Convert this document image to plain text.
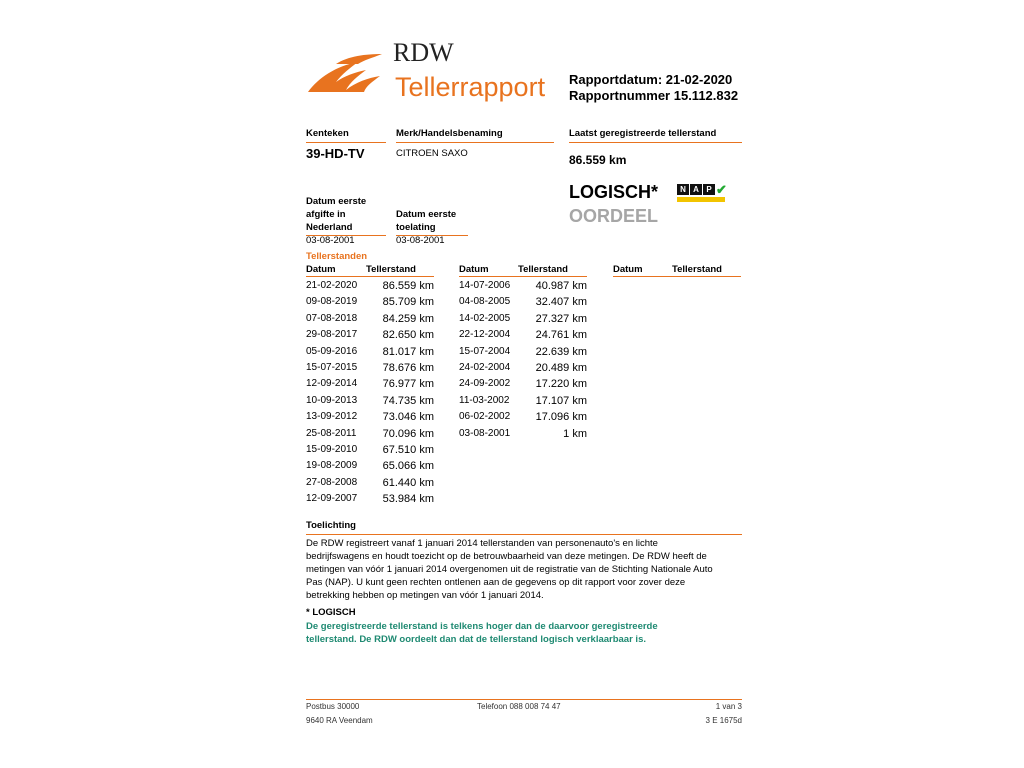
RDW
Tellerrapport Rapportdatum: 21-02-2020
Rapportnummer 15.112.832
Kenteken	Merk/Handelsbenaming	Laatst geregistreerde tellerstand
39-HD-TV	CITROEN SAXO	86.559 km
LOGISCH*	N A P ✔
OORDEEL
Datum eerste
afgifte in
Nederland
Datum eerste
toelating
03-08-2001	03-08-2001
Tellerstanden
Datum	Tellerstand	Datum	Tellerstand	Datum	Tellerstand
21-02-2020	86.559 km
09-08-2019	85.709 km
07-08-2018	84.259 km
29-08-2017	82.650 km
05-09-2016	81.017 km
15-07-2015	78.676 km
12-09-2014	76.977 km
10-09-2013	74.735 km
13-09-2012	73.046 km
25-08-2011	70.096 km
15-09-2010	67.510 km
19-08-2009	65.066 km
27-08-2008	61.440 km
12-09-2007	53.984 km
14-07-2006	40.987 km
04-08-2005	32.407 km
14-02-2005	27.327 km
22-12-2004	24.761 km
15-07-2004	22.639 km
24-02-2004	20.489 km
24-09-2002	17.220 km
11-03-2002	17.107 km
06-02-2002	17.096 km
03-08-2001	1 km
Toelichting
De RDW registreert vanaf 1 januari 2014 tellerstanden van personenauto's en lichte
bedrijfswagens en houdt toezicht op de betrouwbaarheid van deze metingen. De RDW heeft de
metingen van vóór 1 januari 2014 overgenomen uit de registratie van de Stichting Nationale Auto
Pas (NAP). U kunt geen rechten ontlenen aan de gegevens op dit rapport voor zover deze
betrekking hebben op metingen van vóór 1 januari 2014.
* LOGISCH
De geregistreerde tellerstand is telkens hoger dan de daarvoor geregistreerde
tellerstand. De RDW oordeelt dan dat de tellerstand logisch verklaarbaar is.
Postbus 30000
9640 RA Veendam
Telefoon 088 008 74 47	1 van 3
3 E 1675d
